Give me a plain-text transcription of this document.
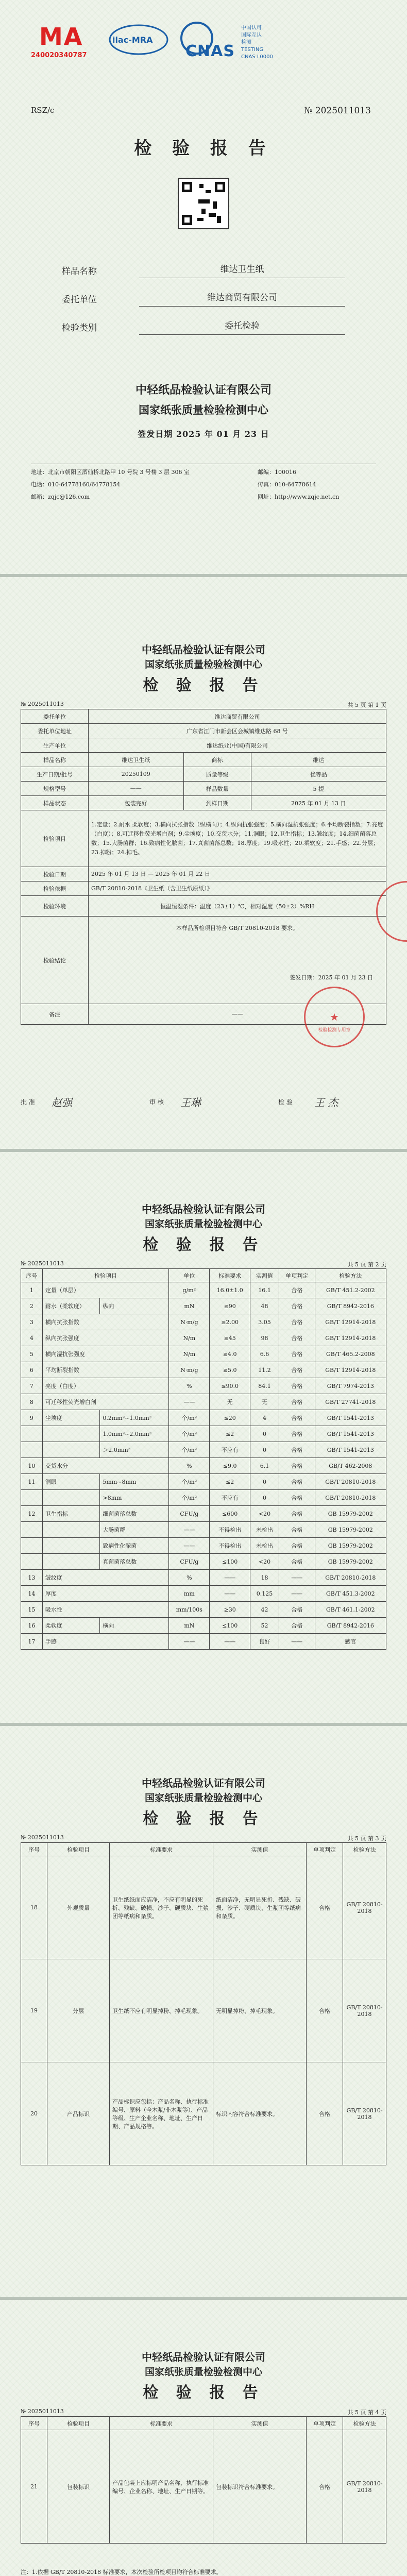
MA
240020340787
ilac-MRA
CNAS
中国认可
国际互认
检测
TESTING
CNAS L0000
RSZ/c	№ 2025011013
检 验 报 告
样品名称	维达卫生纸
委托单位	维达商贸有限公司
检验类别	委托检验
中轻纸品检验认证有限公司
国家纸张质量检验检测中心
签发日期 2025 年 01 月 23 日
地址：北京市朝阳区酒仙桥北路甲 10 号院 3 号楼 3 层 306 室	邮编：100016
电话：010-64778160/64778154	传真：010-64778614
邮箱：zqjc@126.com	网址：http://www.zqjc.net.cn
中轻纸品检验认证有限公司
国家纸张质量检验检测中心
检 验 报 告
№ 2025011013	共 5 页 第 1 页
委托单位	维达商贸有限公司		
委托单位地址	广东省江门市新会区会城镇维达路 68 号		
生产单位	维达纸业(中国)有限公司		
样品名称	维达卫生纸	商标	维达
生产日期/批号	20250109	质量等级	优等品
规格型号	——	样品数量	5 提
样品状态	包装完好	到样日期	2025 年 01 月 13 日
检验项目	1.定量；2.耐水 柔软度；3.横向抗张指数（纵横向）；4.纵向抗张强度；5.横向湿抗张强度；6.平均断裂指数；7.亮度（白度）；8.可迁移性荧光增白剂；9.尘埃度；10.交货水分；11.洞眼；12.卫生指标；13.皱纹度；14.细菌菌落总数；15.大肠菌群；16.致病性化脓菌；17.真菌菌落总数；18.厚度；19.吸水性；20.柔软度；21.手感；22.分层；23.掉粉；24.掉毛。		
检验日期	2025 年 01 月 13 日 — 2025 年 01 月 22 日		
检验依据	GB/T 20810-2018《卫生纸（含卫生纸原纸）》		
检验环境	恒温恒湿条件：温度（23±1）℃，相对湿度（50±2）%RH		
检验结论	本样品所检项目符合 GB/T 20810-2018 要求。
签发日期：2025 年 01 月 23 日		

备注	——			★
检验检测专用章
批 准 赵强	审 核 王琳	检 验 王 杰
中轻纸品检验认证有限公司
国家纸张质量检验检测中心
检 验 报 告
№ 2025011013	共 5 页 第 2 页
序号	检验项目		单位	标准要求	实测值	单项判定	检验方法
1	定量（单层）		g/m²	16.0±1.0	16.1	合格	GB/T 451.2-2002
2	耐水（柔软度）	纵向	mN	≤90	48	合格	GB/T 8942-2016
3	横向抗张指数		N·m/g	≥2.00	3.05	合格	GB/T 12914-2018
4	纵向抗张强度		N/m	≥45	98	合格	GB/T 12914-2018
5	横向湿抗张强度		N/m	≥4.0	6.6	合格	GB/T 465.2-2008
6	平均断裂指数		N·m/g	≥5.0	11.2	合格	GB/T 12914-2018
7	亮度（白度）		%	≤90.0	84.1	合格	GB/T 7974-2013
8	可迁移性荧光增白剂		——	无	无	合格	GB/T 27741-2018
9	尘埃度	0.2mm²~1.0mm²	个/m²	≤20	4	合格	GB/T 1541-2013
		1.0mm²~2.0mm²	个/m²	≤2	0	合格	GB/T 1541-2013
		＞2.0mm²	个/m²	不应有	0	合格	GB/T 1541-2013
10	交货水分		%	≤9.0	6.1	合格	GB/T 462-2008
11	洞眼	5mm~8mm	个/m²	≤2	0	合格	GB/T 20810-2018
		>8mm	个/m²	不应有	0	合格	GB/T 20810-2018
12	卫生指标	细菌菌落总数	CFU/g	≤600	<20	合格	GB 15979-2002
		大肠菌群	——	不得检出	未检出	合格	GB 15979-2002
		致病性化脓菌	——	不得检出	未检出	合格	GB 15979-2002
		真菌菌落总数	CFU/g	≤100	<20	合格	GB 15979-2002
13	皱纹度		%	——	18	——	GB/T 20810-2018
14	厚度		mm	——	0.125	——	GB/T 451.3-2002
15	吸水性		mm/100s	≥30	42	合格	GB/T 461.1-2002
16	柔软度	横向	mN	≤100	52	合格	GB/T 8942-2016
17	手感		——	——	良好	——	感官
中轻纸品检验认证有限公司
国家纸张质量检验检测中心
检 验 报 告
№ 2025011013	共 5 页 第 3 页
序号	检验项目	标准要求	实测值	单项判定	检验方法
18	外观质量	卫生纸纸面应洁净，不应有明显的死折、残缺、破损、沙子、硬质块、生浆团等纸病和杂质。	纸面洁净，无明显死折、残缺、破损、沙子、硬质块、生浆团等纸病和杂质。	合格	GB/T 20810-2018
19	分层	卫生纸不应有明显掉粉、掉毛现象。	无明显掉粉、掉毛现象。	合格	GB/T 20810-2018
20	产品标识	产品标识应包括：产品名称、执行标准编号、原料（全木浆/非木浆等）、产品等级、生产企业名称、地址、生产日期、产品规格等。	标识内容符合标准要求。	合格	GB/T 20810-2018
中轻纸品检验认证有限公司
国家纸张质量检验检测中心
检 验 报 告
№ 2025011013	共 5 页 第 4 页
序号	检验项目	标准要求	实测值	单项判定	检验方法
21	包装标识	产品包装上应标明产品名称、执行标准编号、企业名称、地址、生产日期等。	包装标识符合标准要求。	合格	GB/T 20810-2018
注：1.依据 GB/T 20810-2018 标准要求，本次检验所检项目均符合标准要求。
